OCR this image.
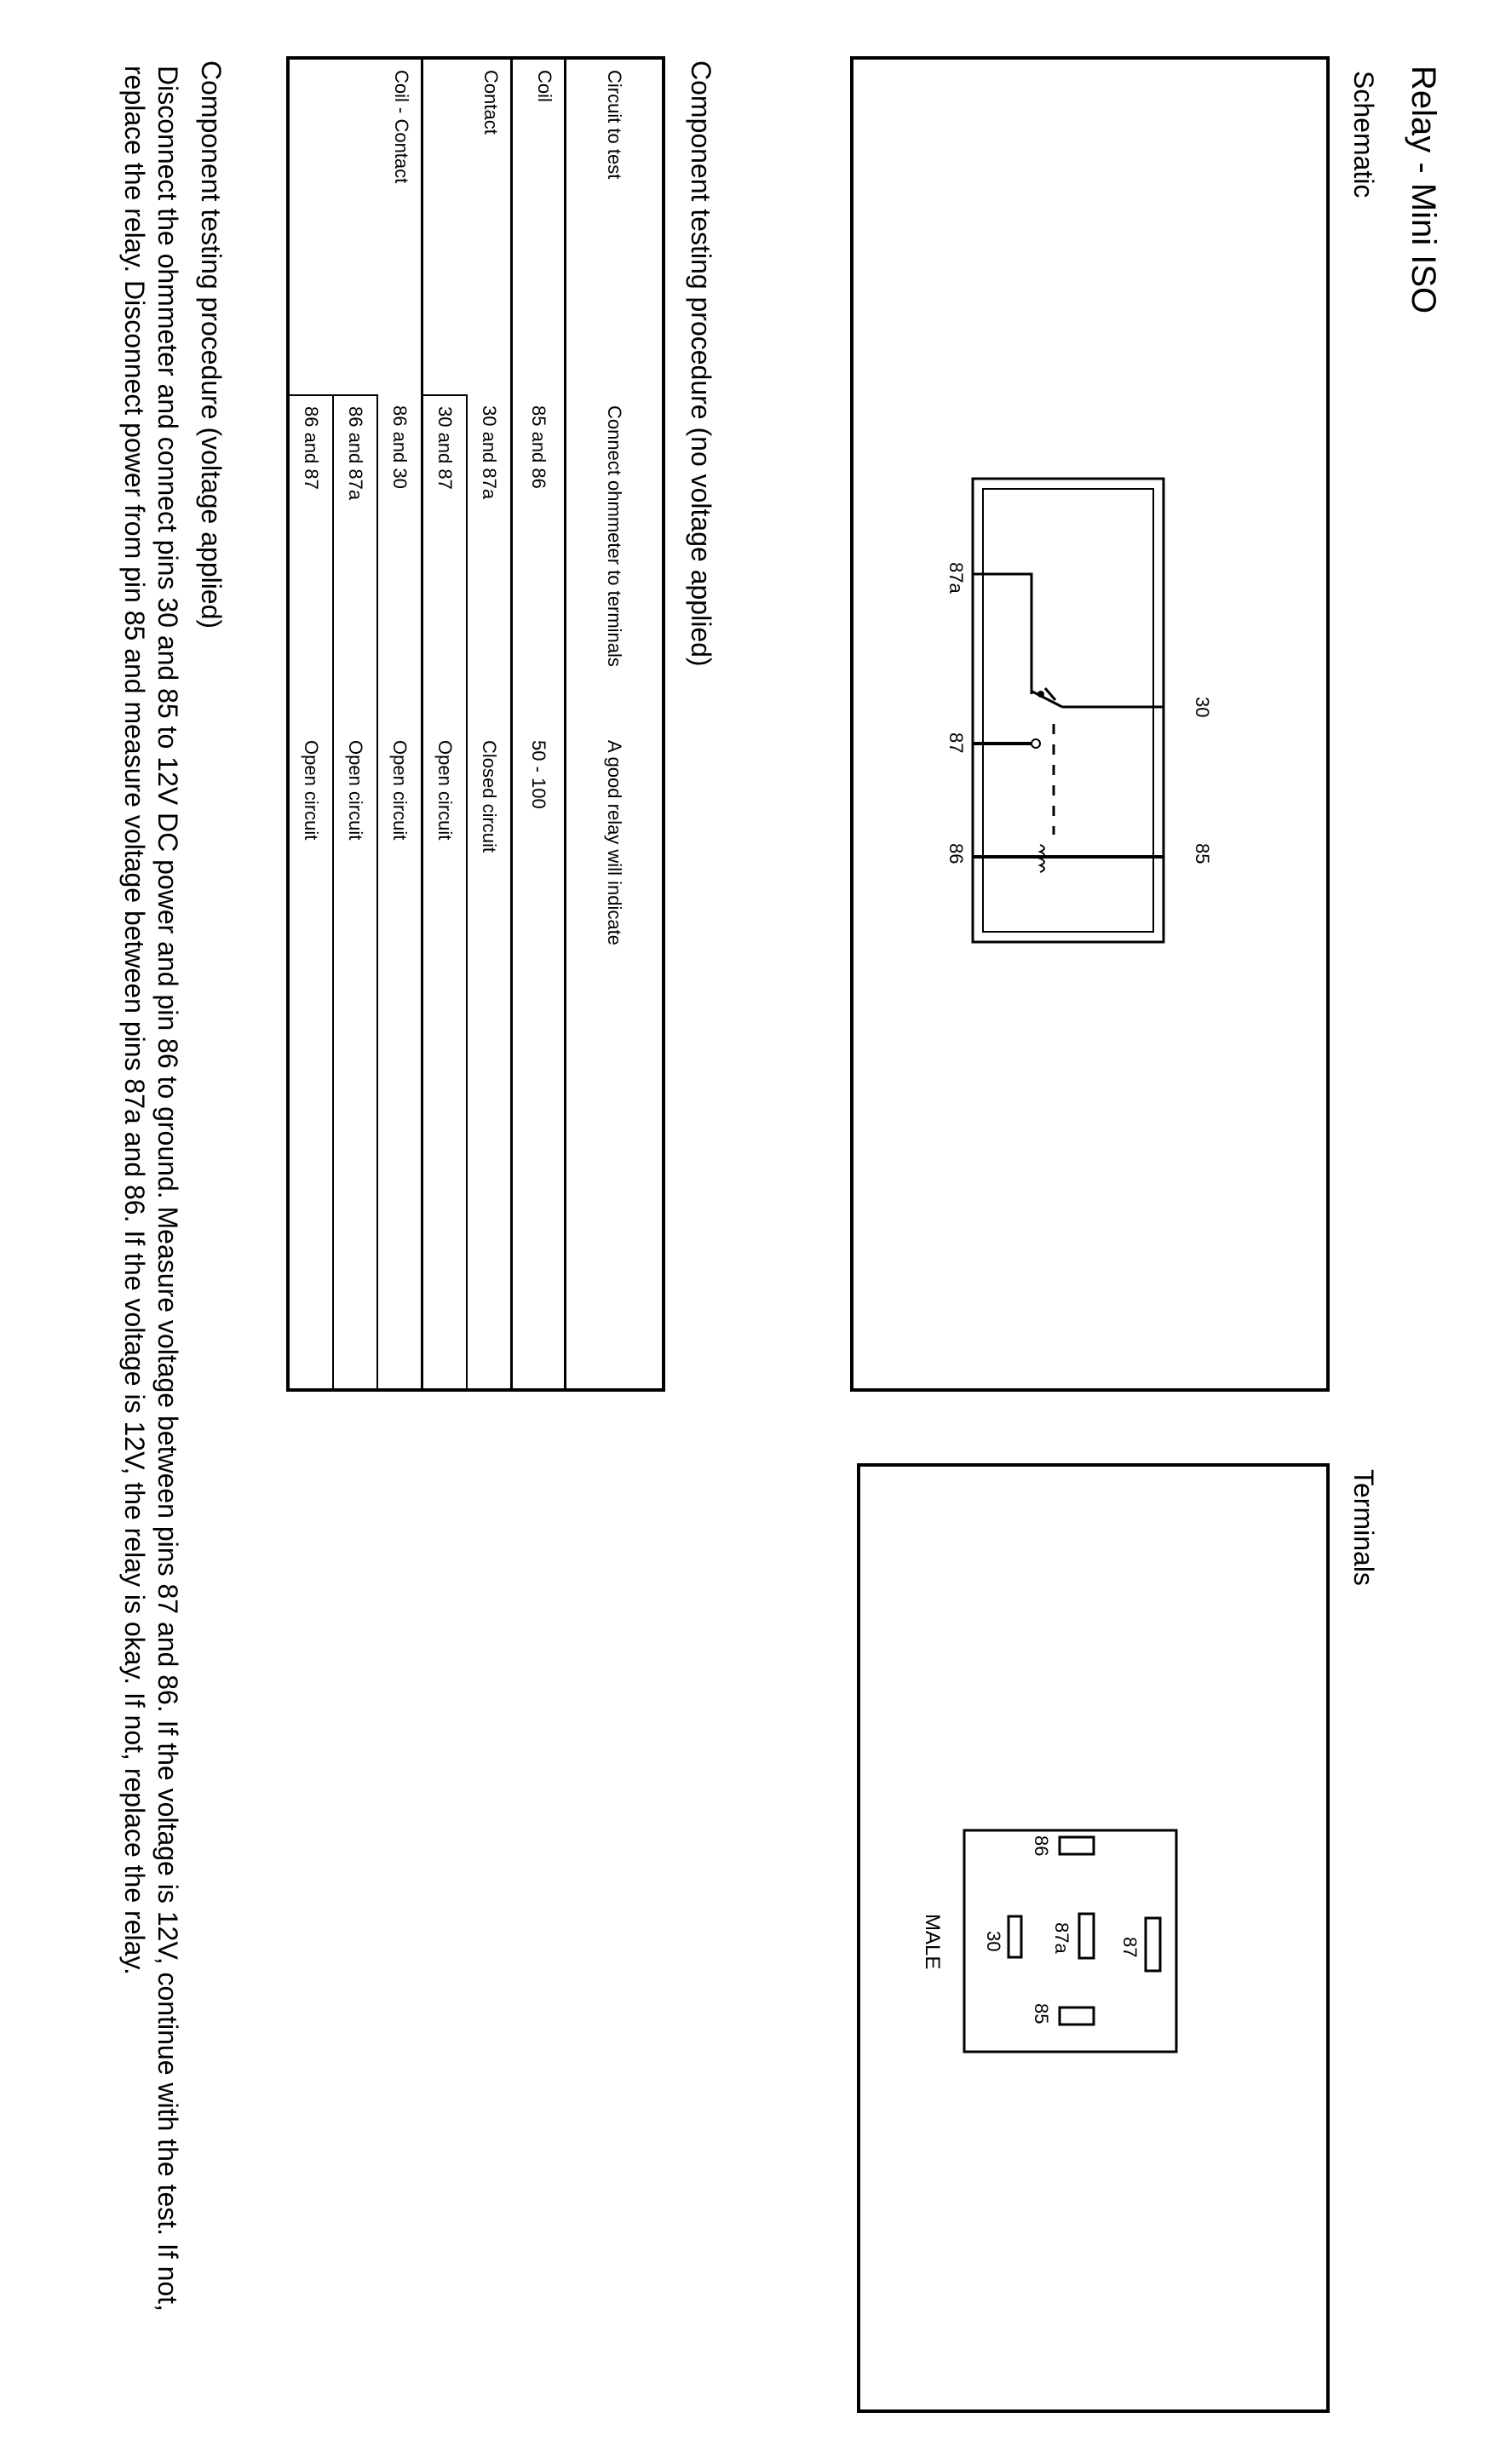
Relay - Mini ISO
Schematic
Terminals
30
85
87a
87
86
87
86
87a
85
30
MALE
Component testing procedure (no voltage applied)
Circuit to test	Connect ohmmeter to terminals	A good relay will indicate
Coil	85 and 86	50 - 100
Contact	30 and 87a	Closed circuit
	30 and 87	Open circuit
Coil - Contact	86 and 30	Open circuit
	86 and 87a	Open circuit
	86 and 87	Open circuit
Component testing procedure (voltage applied)

Disconnect the ohmmeter and connect pins 30 and 85 to 12V DC power and pin 86 to ground. Measure voltage between pins 87 and 86. If the voltage is 12V, continue with the test. If not, replace the relay. Disconnect power from pin 85 and measure voltage between pins 87a and 86. If the voltage is 12V, the relay is okay. If not, replace the relay.
